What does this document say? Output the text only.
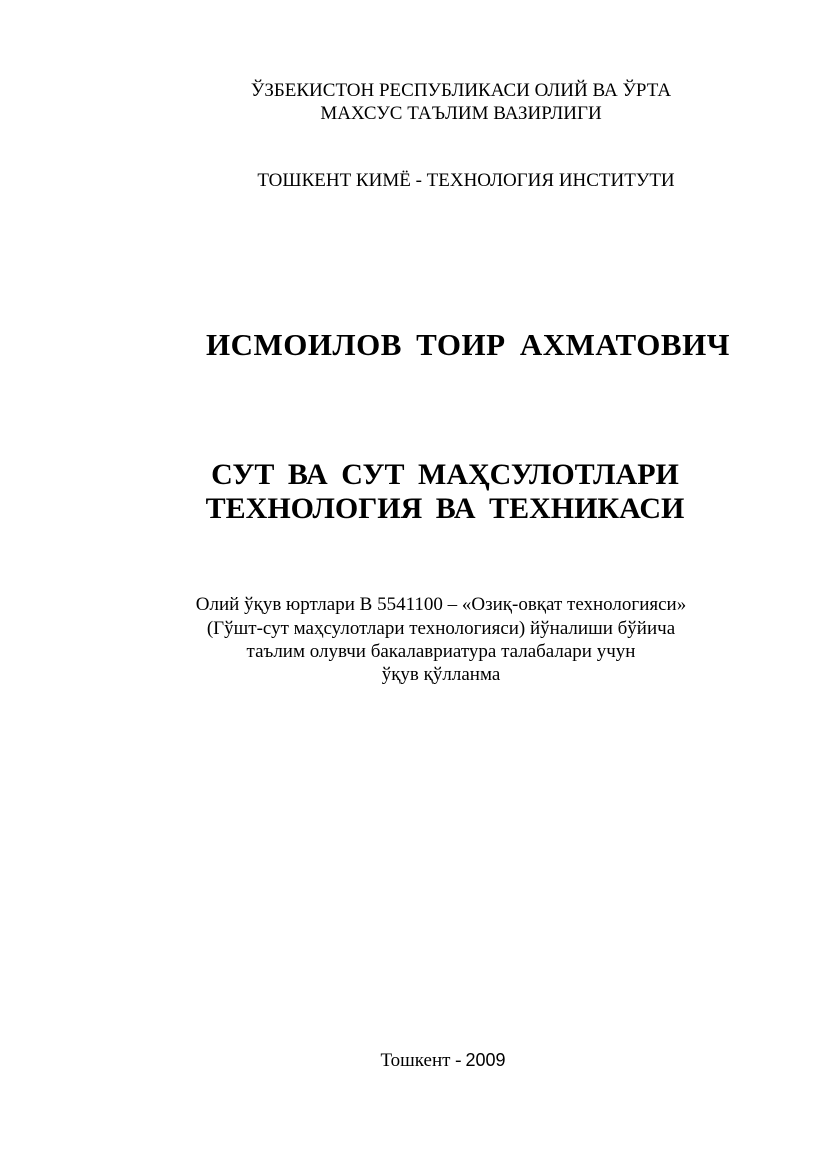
ЎЗБЕКИСТОН РЕСПУБЛИКАСИ ОЛИЙ ВА ЎРТА
МАХСУС ТАЪЛИМ ВАЗИРЛИГИ
ТОШКЕНТ КИМЁ - ТЕХНОЛОГИЯ ИНСТИТУТИ
ИСМОИЛОВ ТОИР АХМАТОВИЧ
СУТ ВА СУТ МАҲСУЛОТЛАРИ
ТЕХНОЛОГИЯ ВА ТЕХНИКАСИ
Олий ўқув юртлари В 5541100 – «Озиқ-овқат технологияси»
(Гўшт-сут маҳсулотлари технологияси) йўналиши бўйича
таълим олувчи бакалавриатура талабалари учун
ўқув қўлланма
Тошкент - 2009
